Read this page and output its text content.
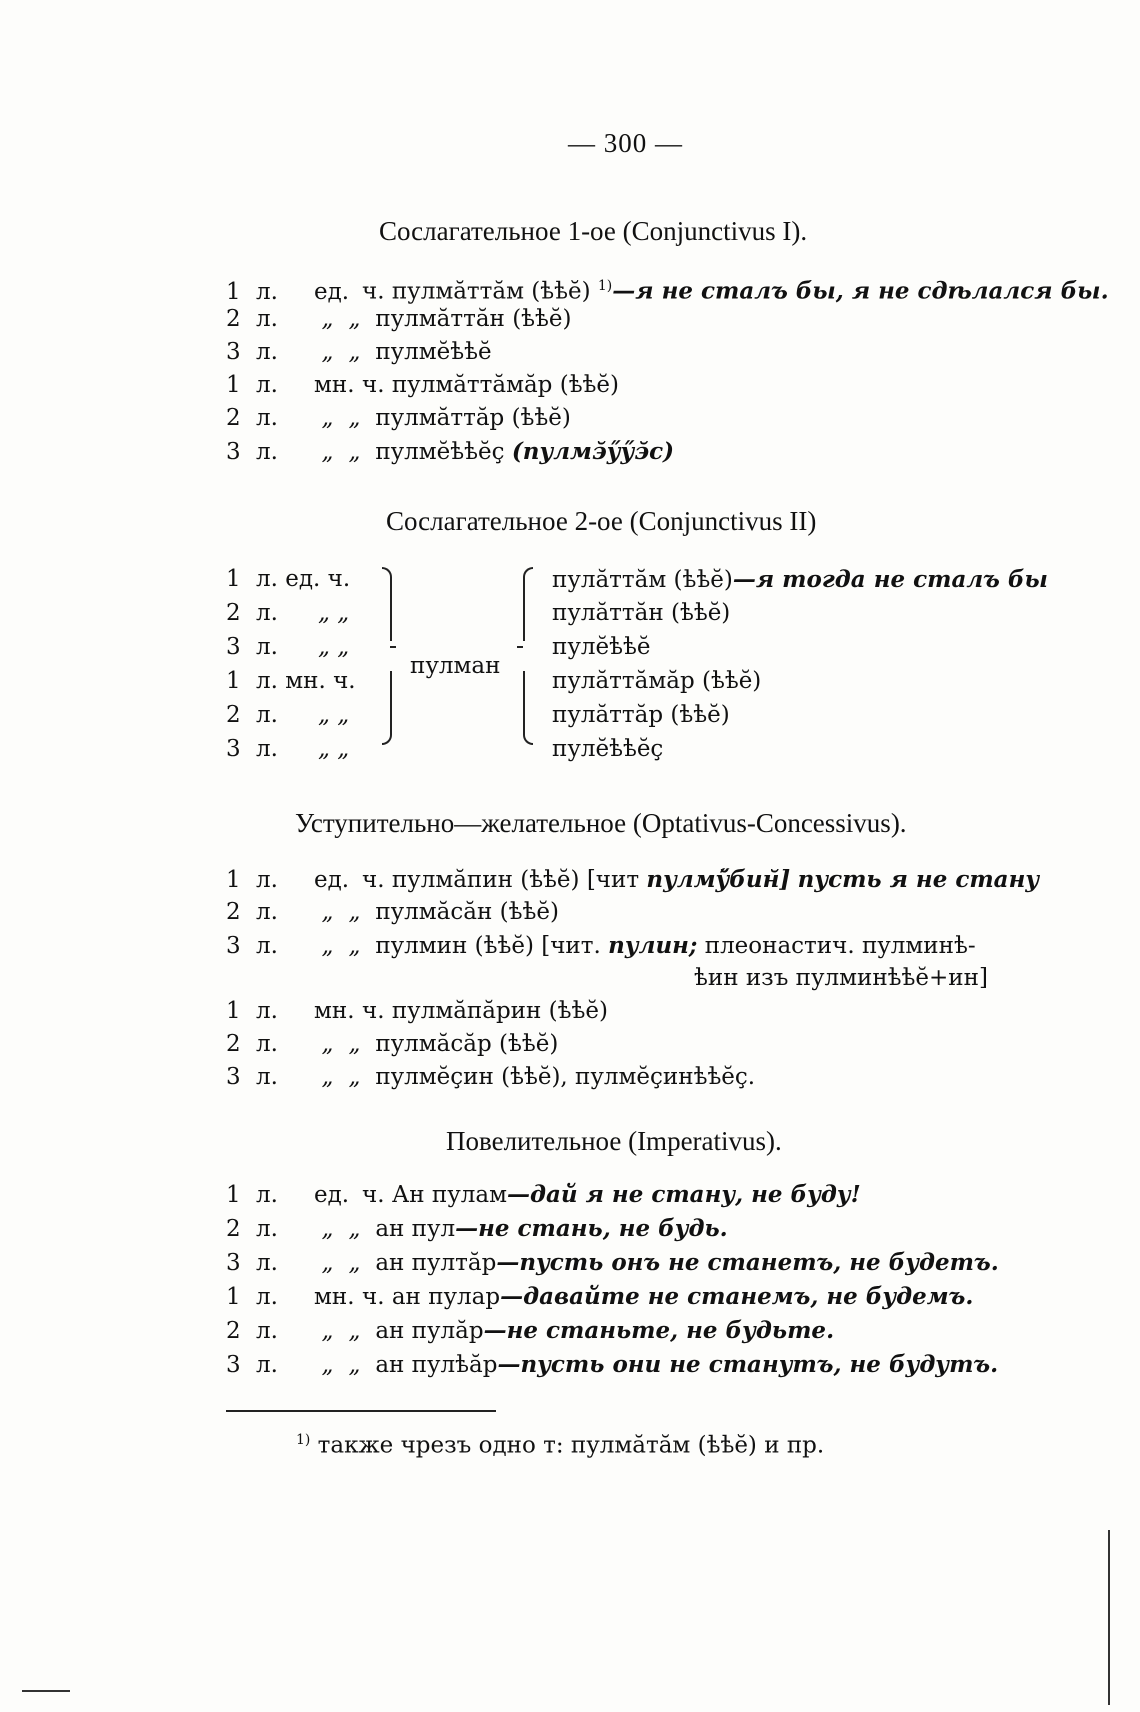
— 300 —
Сослагательное 1-ое (Conjunctivus I).
1 л. ед. ч. пулмăттăм (ѣѣĕ) $^{1)}$—я не сталъ бы, я не сдѣлался бы.
2 л. „ „ пулмăттăн (ѣѣĕ)
3 л. „ „ пулмĕѣѣĕ
1 л. мн. ч. пулмăттăмăр (ѣѣĕ)
2 л. „ „ пулмăттăр (ѣѣĕ)
3 л. „ „ пулмĕѣѣĕç (пул͏мэ̆ӳӳэ̆с)
Сослагательное 2-ое (Conjunctivus II)
1 л. ед. ч.
2 л. „ „
3 л. „ „
1 л. мн. ч.
2 л. „ „
3 л. „ „
пулман
пулăттăм (ѣѣĕ)—я тогда не сталъ бы
пулăттăн (ѣѣĕ)
пулĕѣѣĕ
пулăттăмăр (ѣѣĕ)
пулăттăр (ѣѣĕ)
пулĕѣѣĕç
Уступительно—желательное (Optativus-Concessivus).
1 л. ед. ч. пулмăпин (ѣѣĕ) [чит пулмӳ̆бин̆] пусть я не стану
2 л. „ „ пулмăсăн (ѣѣĕ)
3 л. „ „ пулмин (ѣѣĕ) [чит. пул͏͏ин; плеонастич. пулминѣ-
ѣин изъ пулминѣѣĕ+ин]
1 л. мн. ч. пулмăпăрин (ѣѣĕ)
2 л. „ „ пулмăсăр (ѣѣĕ)
3 л. „ „ пулмĕçин (ѣѣĕ), пулмĕçинѣѣĕç.
Повелительное (Imperativus).
1 л. ед. ч. Ан пулам—дай я не стану, не буду!
2 л. „ „ ан пул—не стань, не будь.
3 л. „ „ ан пултăр—пусть онъ не станетъ, не будетъ.
1 л. мн. ч. ан пулар—давайте не станемъ, не будемъ.
2 л. „ „ ан пулăр—не станьте, не будьте.
3 л. „ „ ан пулѣăр—пусть они не станутъ, не будутъ.
$^{1)}$ также чрезъ одно т: пулмăтăм (ѣѣĕ) и пр.
